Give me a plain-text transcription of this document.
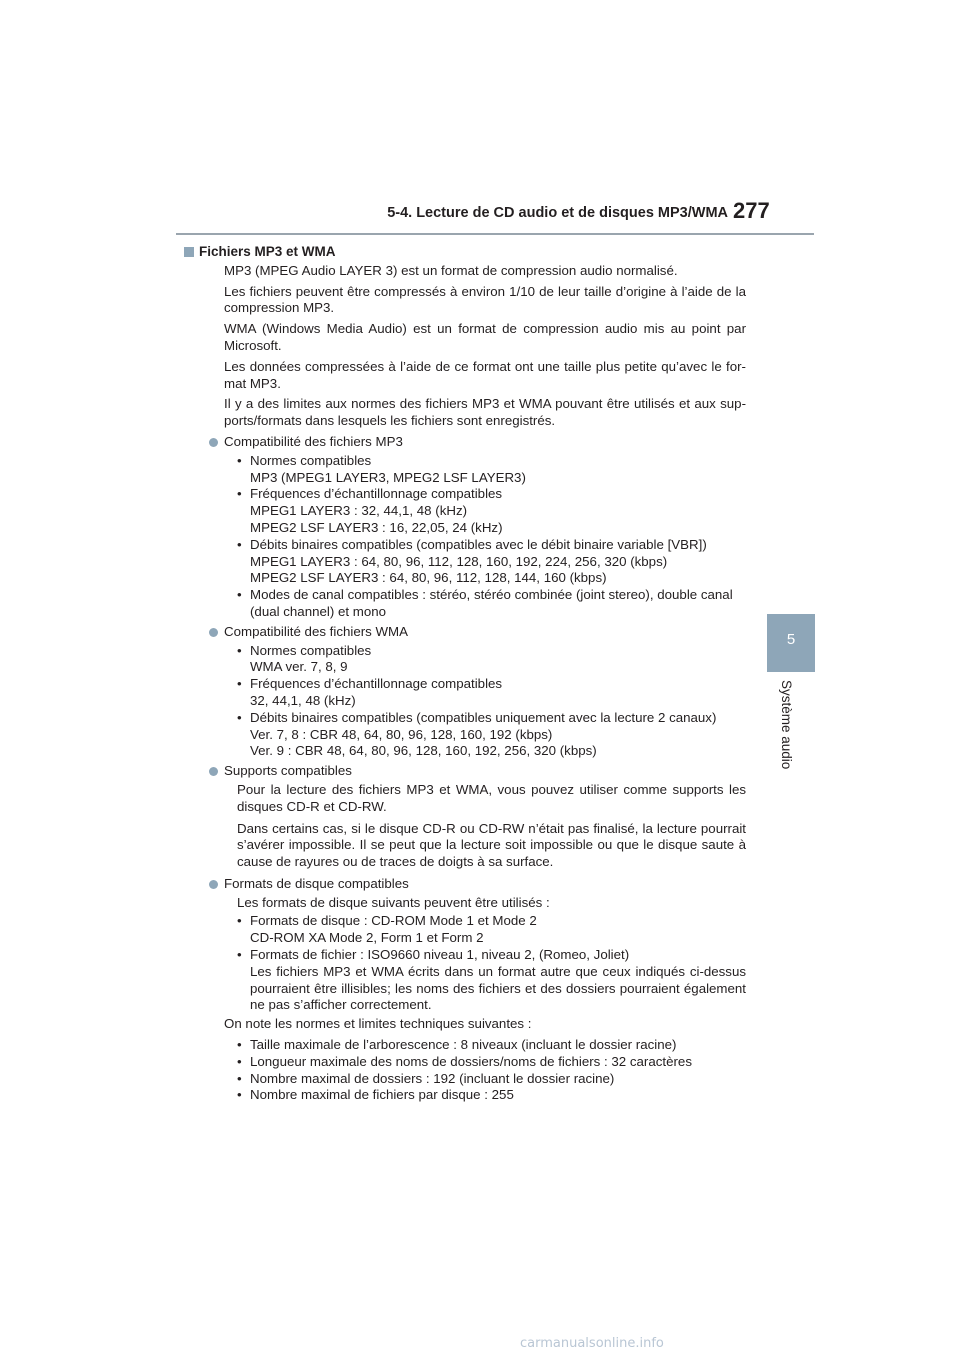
5-4. Lecture de CD audio et de disques MP3/WMA 277
5
Système audio
Fichiers MP3 et WMA

MP3 (MPEG Audio LAYER 3) est un format de compression audio normalisé.

Les fichiers peuvent être compressés à environ 1/10 de leur taille d’origine à l’aide de la compression MP3.

WMA (Windows Media Audio) est un format de compression audio mis au point par Microsoft.

Les données compressées à l’aide de ce format ont une taille plus petite qu’avec le for-mat MP3.

Il y a des limites aux normes des fichiers MP3 et WMA pouvant être utilisés et aux sup-ports/formats dans lesquels les fichiers sont enregistrés.

Compatibilité des fichiers MP3
• Normes compatibles
MP3 (MPEG1 LAYER3, MPEG2 LSF LAYER3)
• Fréquences d’échantillonnage compatibles
MPEG1 LAYER3 : 32, 44,1, 48 (kHz)
MPEG2 LSF LAYER3 : 16, 22,05, 24 (kHz)
• Débits binaires compatibles (compatibles avec le débit binaire variable [VBR])
MPEG1 LAYER3 : 64, 80, 96, 112, 128, 160, 192, 224, 256, 320 (kbps)
MPEG2 LSF LAYER3 : 64, 80, 96, 112, 128, 144, 160 (kbps)
• Modes de canal compatibles : stéréo, stéréo combinée (joint stereo), double canal (dual channel) et mono
Compatibilité des fichiers WMA
• Normes compatibles
WMA ver. 7, 8, 9
• Fréquences d’échantillonnage compatibles
32, 44,1, 48 (kHz)
• Débits binaires compatibles (compatibles uniquement avec la lecture 2 canaux)
Ver. 7, 8 : CBR 48, 64, 80, 96, 128, 160, 192 (kbps)
Ver. 9 : CBR 48, 64, 80, 96, 128, 160, 192, 256, 320 (kbps)
Supports compatibles

Pour la lecture des fichiers MP3 et WMA, vous pouvez utiliser comme supports les disques CD-R et CD-RW.

Dans certains cas, si le disque CD-R ou CD-RW n’était pas finalisé, la lecture pourrait s’avérer impossible. Il se peut que la lecture soit impossible ou que le disque saute à cause de rayures ou de traces de doigts à sa surface.

Formats de disque compatibles

Les formats de disque suivants peuvent être utilisés :

• Formats de disque : CD-ROM Mode 1 et Mode 2
CD-ROM XA Mode 2, Form 1 et Form 2
• Formats de fichier : ISO9660 niveau 1, niveau 2, (Romeo, Joliet)
Les fichiers MP3 et WMA écrits dans un format autre que ceux indiqués ci-dessus pourraient être illisibles; les noms des fichiers et des dossiers pourraient également ne pas s’afficher correctement.

On note les normes et limites techniques suivantes :

• Taille maximale de l’arborescence : 8 niveaux (incluant le dossier racine)
• Longueur maximale des noms de dossiers/noms de fichiers : 32 caractères
• Nombre maximal de dossiers : 192 (incluant le dossier racine)
• Nombre maximal de fichiers par disque : 255
carmanualsonline.info
